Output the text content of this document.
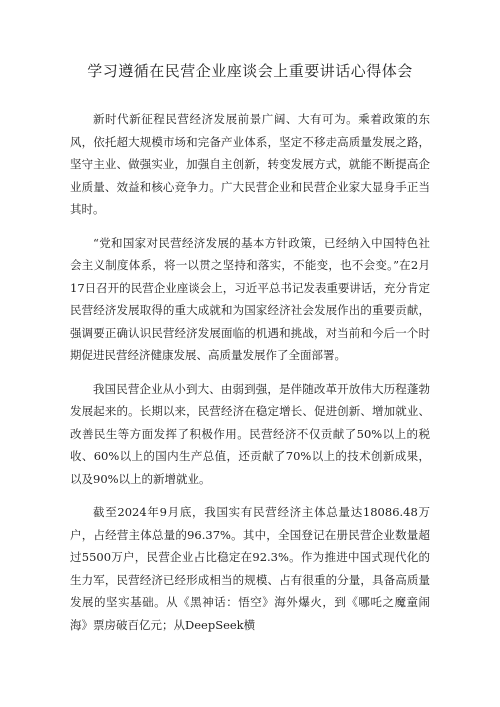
学习遵循在民营企业座谈会上重要讲话心得体会

新时代新征程民营经济发展前景广阔、大有可为。乘着政策的东风，依托超大规模市场和完备产业体系，坚定不移走高质量发展之路，坚守主业、做强实业，加强自主创新，转变发展方式，就能不断提高企业质量、效益和核心竞争力。广大民营企业和民营企业家大显身手正当其时。

“党和国家对民营经济发展的基本方针政策，已经纳入中国特色社会主义制度体系，将一以贯之坚持和落实，不能变，也不会变。”在2月17日召开的民营企业座谈会上，习近平总书记发表重要讲话，充分肯定民营经济发展取得的重大成就和为国家经济社会发展作出的重要贡献，强调要正确认识民营经济发展面临的机遇和挑战，对当前和今后一个时期促进民营经济健康发展、高质量发展作了全面部署。

我国民营企业从小到大、由弱到强，是伴随改革开放伟大历程蓬勃发展起来的。长期以来，民营经济在稳定增长、促进创新、增加就业、改善民生等方面发挥了积极作用。民营经济不仅贡献了50%以上的税收、60%以上的国内生产总值，还贡献了70%以上的技术创新成果，以及90%以上的新增就业。

截至2024年9月底，我国实有民营经济主体总量达18086.48万户，占经营主体总量的96.37%。其中，全国登记在册民营企业数量超过5500万户，民营企业占比稳定在92.3%。作为推进中国式现代化的生力军，民营经济已经形成相当的规模、占有很重的分量，具备高质量发展的坚实基础。从《黑神话：悟空》海外爆火，到《哪吒之魔童闹海》票房破百亿元；从DeepSeek横
